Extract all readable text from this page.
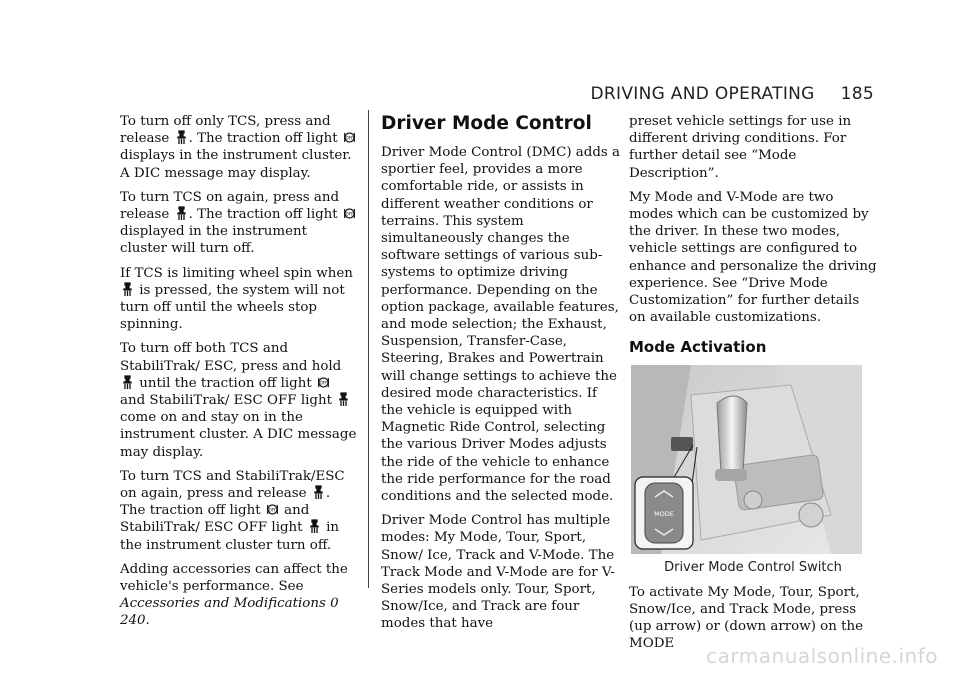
DRIVING AND OPERATING 185

To turn off only TCS, press and release . The traction off light OFF
displays in the instrument cluster. A DIC message may display.

To turn TCS on again, press and release . The traction off light OFF
displayed in the instrument cluster will turn off.

If TCS is limiting wheel spin when
is pressed, the system will not turn off until the wheels stop spinning.

To turn off both TCS and StabiliTrak/ ESC, press and hold
until the traction off light OFF
and StabiliTrak/ ESC OFF light
come on and stay on in the instrument cluster. A DIC message may display.

To turn TCS and StabiliTrak/ESC on again, press and release . The traction off light OFF and StabiliTrak/ ESC OFF light in the instrument cluster turn off.

Adding accessories can affect the vehicle's performance. See Accessories and Modifications 0 240.

Driver Mode Control

Driver Mode Control (DMC) adds a sportier feel, provides a more comfortable ride, or assists in different weather conditions or terrains. This system simultaneously changes the software settings of various sub-systems to optimize driving performance. Depending on the option package, available features, and mode selection; the Exhaust, Suspension, Transfer-Case, Steering, Brakes and Powertrain will change settings to achieve the desired mode characteristics. If the vehicle is equipped with Magnetic Ride Control, selecting the various Driver Modes adjusts the ride of the vehicle to enhance the ride performance for the road conditions and the selected mode.

Driver Mode Control has multiple modes: My Mode, Tour, Sport, Snow/ Ice, Track and V-Mode. The Track Mode and V-Mode are for V-Series models only. Tour, Sport, Snow/Ice, and Track are four modes that have

preset vehicle settings for use in different driving conditions. For further detail see “Mode Description”.

My Mode and V-Mode are two modes which can be customized by the driver. In these two modes, vehicle settings are configured to enhance and personalize the driving experience. See “Drive Mode Customization” for further details on available customizations.

Mode Activation
MODE

Driver Mode Control Switch

To activate My Mode, Tour, Sport, Snow/Ice, and Track Mode, press (up arrow) or (down arrow) on the MODE

carmanualsonline.info
